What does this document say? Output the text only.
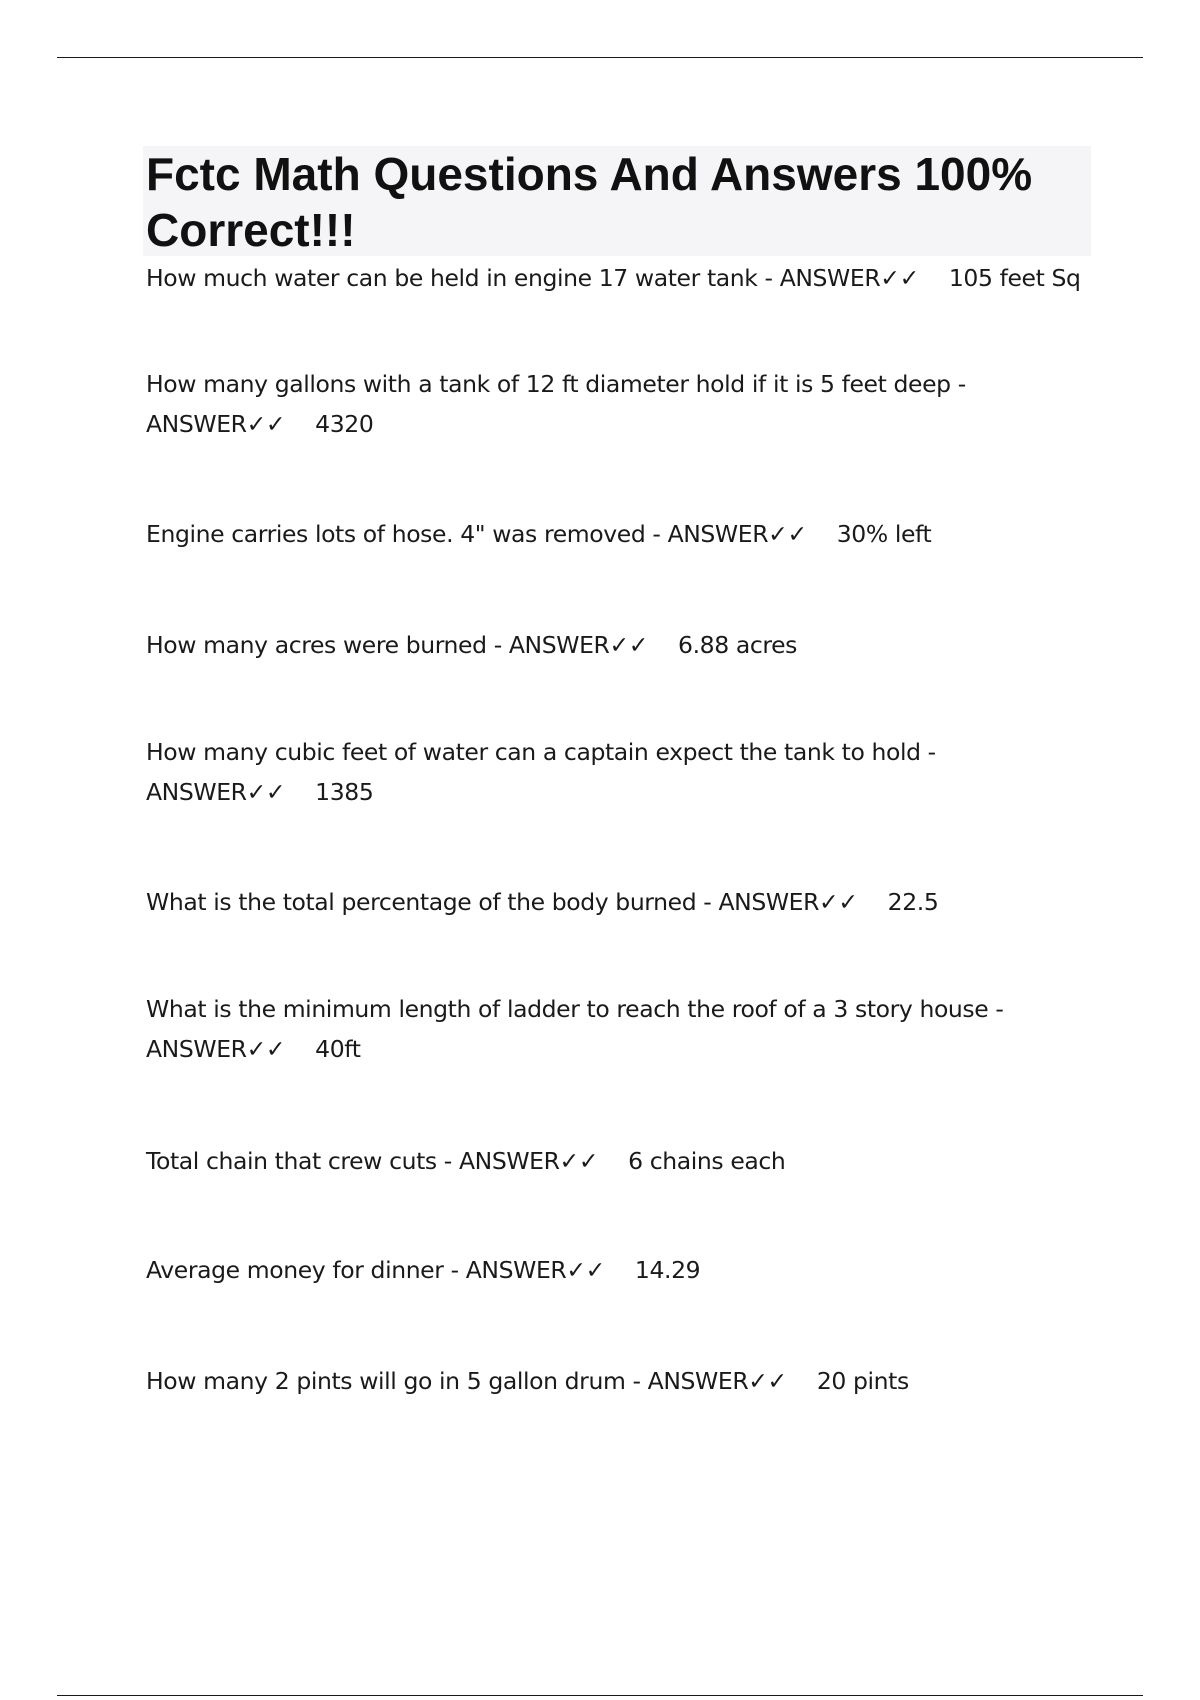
Fctc Math Questions And Answers 100% Correct!!!

How much water can be held in engine 17 water tank - ANSWER✓✓ 105 feet Sq

How many gallons with a tank of 12 ft diameter hold if it is 5 feet deep -
ANSWER✓✓ 4320

Engine carries lots of hose. 4" was removed - ANSWER✓✓ 30% left

How many acres were burned - ANSWER✓✓ 6.88 acres

How many cubic feet of water can a captain expect the tank to hold -
ANSWER✓✓ 1385

What is the total percentage of the body burned - ANSWER✓✓ 22.5

What is the minimum length of ladder to reach the roof of a 3 story house -
ANSWER✓✓ 40ft

Total chain that crew cuts - ANSWER✓✓ 6 chains each

Average money for dinner - ANSWER✓✓ 14.29

How many 2 pints will go in 5 gallon drum - ANSWER✓✓ 20 pints
